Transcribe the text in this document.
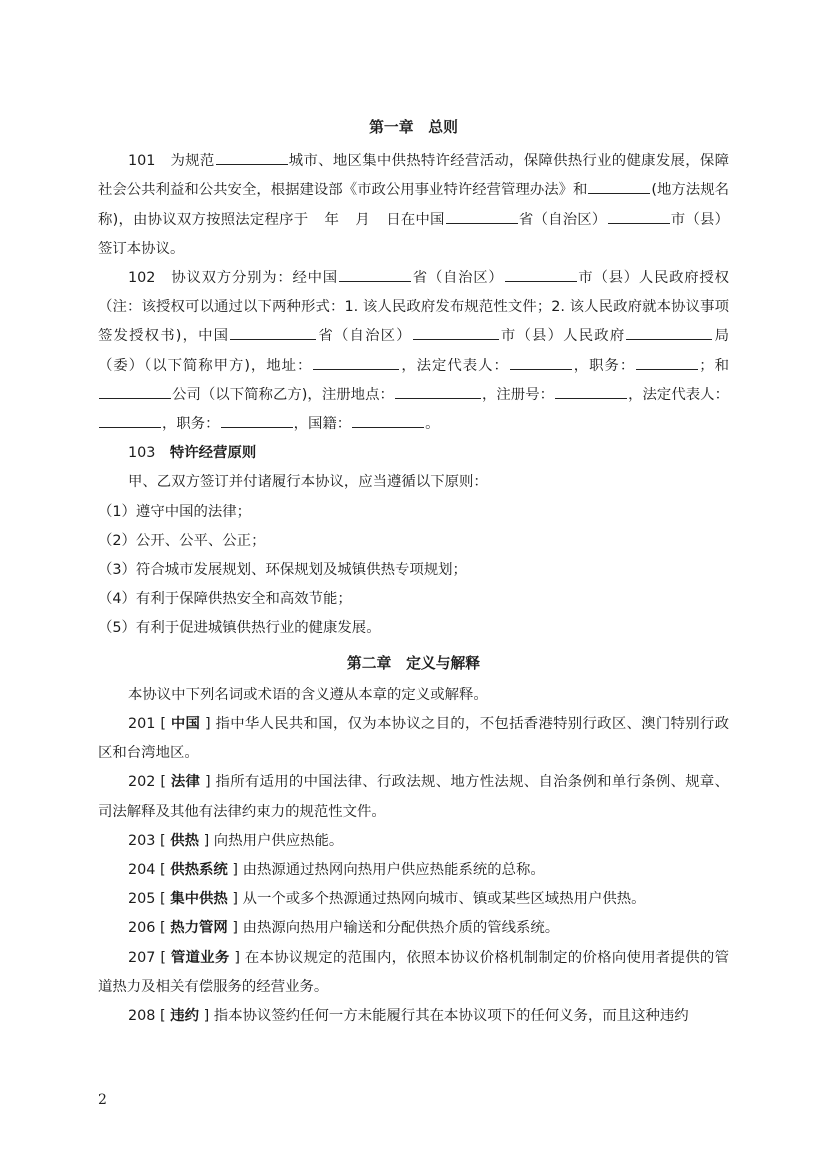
第一章　总则

101　 为规范	城市、地区集中供热特许经营活动，保障供热行业的健康发展，保障社会公共利益和公共安全，根据建设部《市政公用事业特许经营管理办法》和	(地方法规名称)，由协议双方按照法定程序于 年 月 日在中国	省（自治区）	市（县）签订本协议。

102　 协议双方分别为：经中国	省（自治区）	市（县）人民政府授权（注：该授权可以通过以下两种形式：1. 该人民政府发布规范性文件；2. 该人民政府就本协议事项签发授权书)，中国	省（自治区）	市（县）人民政府	局（委）（以下简称甲方)，地址：	，法定代表人：	，职务：	；和公司（以下简称乙方)，注册地点：	，注册号：	，法定代表人：，职务：	，国籍：	。

103　 特许经营原则

甲、乙双方签订并付诸履行本协议，应当遵循以下原则：

（1）遵守中国的法律；

（2）公开、公平、公正；

（3）符合城市发展规划、环保规划及城镇供热专项规划；

（4）有利于保障供热安全和高效节能；

（5）有利于促进城镇供热行业的健康发展。

第二章　定义与解释

本协议中下列名词或术语的含义遵从本章的定义或解释。

201 [ 中国 ] 指中华人民共和国，仅为本协议之目的，不包括香港特别行政区、澳门特别行政区和台湾地区。

202 [ 法律 ] 指所有适用的中国法律、行政法规、地方性法规、自治条例和单行条例、规章、司法解释及其他有法律约束力的规范性文件。

203 [ 供热 ] 向热用户供应热能。

204 [ 供热系统 ] 由热源通过热网向热用户供应热能系统的总称。

205 [ 集中供热 ] 从一个或多个热源通过热网向城市、镇或某些区域热用户供热。

206 [ 热力管网 ] 由热源向热用户输送和分配供热介质的管线系统。

207 [ 管道业务 ] 在本协议规定的范围内，依照本协议价格机制制定的价格向使用者提供的管道热力及相关有偿服务的经营业务。

208 [ 违约 ] 指本协议签约任何一方未能履行其在本协议项下的任何义务，而且这种违约

2
